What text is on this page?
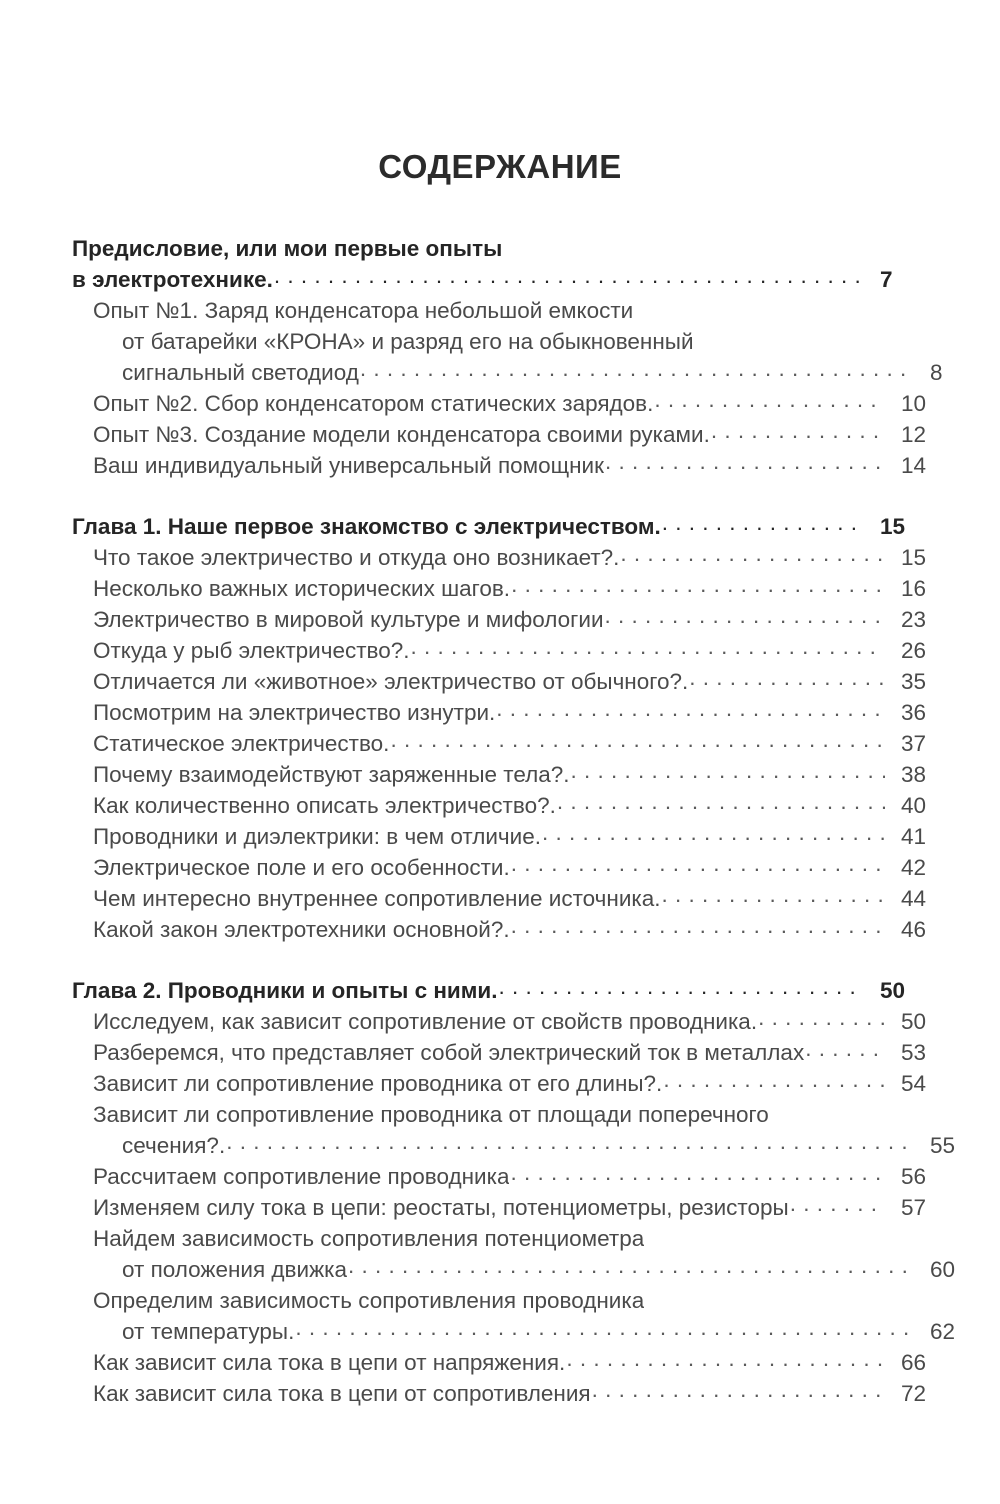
СОДЕРЖАНИЕ
Предисловие, или мои первые опыты
в электротехнике. . . .	7
Опыт №1. Заряд конденсатора небольшой емкости
от батарейки «КРОНА» и разряд его на обыкновенный
сигнальный светодиод . . .	8
Опыт №2. Сбор конденсатором статических зарядов. . . .	10
Опыт №3. Создание модели конденсатора своими руками. . . .	12
Ваш индивидуальный универсальный помощник . . .	14
Глава 1. Наше первое знакомство с электричеством. . . .	15
Что такое электричество и откуда оно возникает?. . . .	15
Несколько важных исторических шагов. . . .	16
Электричество в мировой культуре и мифологии . . .	23
Откуда у рыб электричество?. . . .	26
Отличается ли «животное» электричество от обычного?. . . .	35
Посмотрим на электричество изнутри. . . .	36
Статическое электричество. . . .	37
Почему взаимодействуют заряженные тела?. . . .	38
Как количественно описать электричество?. . . .	40
Проводники и диэлектрики: в чем отличие. . . .	41
Электрическое поле и его особенности. . . .	42
Чем интересно внутреннее сопротивление источника. . . .	44
Какой закон электротехники основной?. . . .	46
Глава 2. Проводники и опыты с ними. . . .	50
Исследуем, как зависит сопротивление от свойств проводника. . . .	50
Разберемся, что представляет собой электрический ток в металлах . . .	53
Зависит ли сопротивление проводника от его длины?. . . .	54
Зависит ли сопротивление проводника от площади поперечного
сечения?. . . .	55
Рассчитаем сопротивление проводника . . .	56
Изменяем силу тока в цепи: реостаты, потенциометры, резисторы . . .	57
Найдем зависимость сопротивления потенциометра
от положения движка . . .	60
Определим зависимость сопротивления проводника
от температуры. . . .	62
Как зависит сила тока в цепи от напряжения. . . .	66
Как зависит сила тока в цепи от сопротивления . . .	72
